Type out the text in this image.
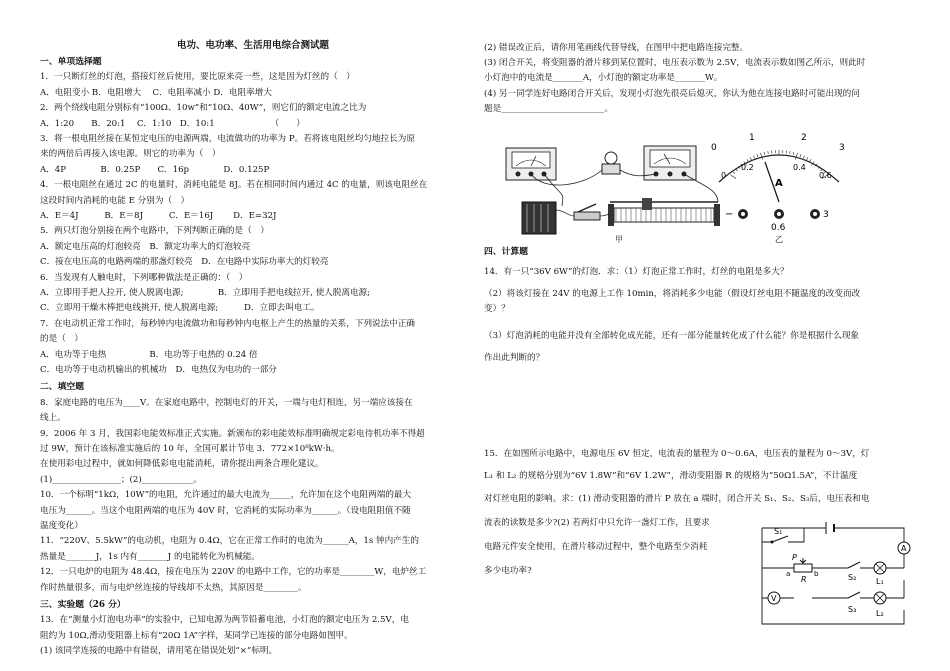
电功、电功率、生活用电综合测试题
一、单项选择题
1．一只断灯丝的灯泡，搭接灯丝后使用，要比原来亮一些，这是因为灯丝的（　）
A．电阻变小 B．电阻增大　 C．电阻率减小 D．电阻率增大
2．两个绕线电阻分别标有“100Ω、10w”和“10Ω、40W”，则它们的额定电流之比为
A．1:20　　B．20:1　 C．1:10　D．10:1　　　　　　　（　　）
3．将一根电阻丝接在某恒定电压的电源两端，电流做功的功率为 P。若将该电阻丝均匀地拉长为原
来的两倍后再接入该电源。则它的功率为（　）
A．4P　　　　B．0.25P　　C．16p　　　　D．0.125P
4．一根电阻丝在通过 2C 的电量时，消耗电能是 8J。若在相同时间内通过 4C 的电量，则该电阻丝在
这段时间内消耗的电能 E 分别为（　）
A．E＝4J　　　B．E＝8J　　　C．E＝16J　　 D．E=32J
5．两只灯泡分别接在两个电路中，下列判断正确的是（　）
A．额定电压高的灯泡较亮　B．额定功率大的灯泡较亮
C．接在电压高的电路两端的那盏灯较亮　D．在电路中实际功率大的灯较亮
6．当发现有人触电时，下列哪种做法是正确的：（　）
A．立即用手把人拉开, 使人脱离电源;　　　　B．立即用手把电线拉开, 使人脱离电源;
C．立即用干燥木棒把电线挑开, 使人脱离电源;　　　D．立即去叫电工。
7．在电动机正常工作时，每秒钟内电流做功和每秒钟内电枢上产生的热量的关系，下列说法中正确
的是（　）
A．电功等于电热　　　　　B．电功等于电热的 0.24 倍
C．电功等于电动机输出的机械功　D．电热仅为电功的一部分
二、填空题
8．家庭电路的电压为____V。在家庭电路中，控制电灯的开关，一端与电灯相连，另一端应该接在
线上。
9．2006 年 3 月，我国彩电能效标准正式实施。新颁布的彩电能效标准明确规定彩电待机功率不得超
过 9W，预计在该标准实施后的 10 年，全国可累计节电 3．772×10⁸kW·h。
在使用彩电过程中，就如何降低彩电电能消耗，请你提出两条合理化建议。
(1)________________；(2)____________。
10．一个标明“1kΩ，10W”的电阻，允许通过的最大电流为_____，允许加在这个电阻两端的最大
电压为______。当这个电阻两端的电压为 40V 时，它消耗的实际功率为______。（设电阻阻值不随
温度变化）
11．“220V、5.5kW”的电动机，电阻为 0.4Ω，它在正常工作时的电流为______A，1s 钟内产生的
热量是_______J，1s 内有_______J 的电能转化为机械能。
12．一只电炉的电阻为 48.4Ω，接在电压为 220V 的电路中工作，它的功率是________W，电炉丝工
作时热量很多，而与电炉丝连接的导线却不太热，其原因是________。
三、实验题（26 分）
13．在“测量小灯泡电功率”的实验中，已知电源为两节铅蓄电池，小灯泡的额定电压为 2.5V，电
阻约为 10Ω,滑动变阻器上标有“20Ω 1A”字样，某同学已连接的部分电路如图甲。
(1) 该同学连接的电路中有错误，请用笔在错误处划“×”标明。
(2) 错误改正后，请你用笔画线代替导线，在图甲中把电路连接完整。
(3) 闭合开关，将变阻器的滑片移到某位置时，电压表示数为 2.5V，电流表示数如图乙所示，则此时
小灯泡中的电流是_______A，小灯泡的额定功率是_______W。
(4) 另一同学连好电路闭合开关后，发现小灯泡先很亮后熄灭，你认为他在连接电路时可能出现的问
题是________________________。
甲
0
1	2
3
0
0.2	0.4
0.6
A
−
0.6
3
乙
四、计算题
14．有一只“36V 6W”的灯泡．求：（1）灯泡正常工作时，灯丝的电阻是多大？
（2）将该灯接在 24V 的电源上工作 10min，将消耗多少电能（假设灯丝电阻不随温度的改变而改
变）？
（3）灯泡消耗的电能并没有全部转化成光能，还有一部分能量转化成了什么能？你是根据什么现象
作出此判断的？
15．在如图所示电路中，电源电压 6V 恒定，电流表的量程为 0～0.6A，电压表的量程为 0～3V，灯
L₁ 和 L₂ 的规格分别为“6V 1.8W”和“6V 1.2W”，滑动变阻器 R 的规格为“50Ω1.5A”，不计温度
对灯丝电阻的影响。求：(1) 滑动变阻器的滑片 P 放在 a 端时，闭合开关 S₁、S₂、S₃后，电压表和电
流表的读数是多少?(2) 若两灯中只允许一盏灯工作，且要求
电路元件安全使用，在滑片移动过程中，整个电路至少消耗
多少电功率?
S₁
A
P
R
a	b	S₂ L₁
V
S₃ L₂
